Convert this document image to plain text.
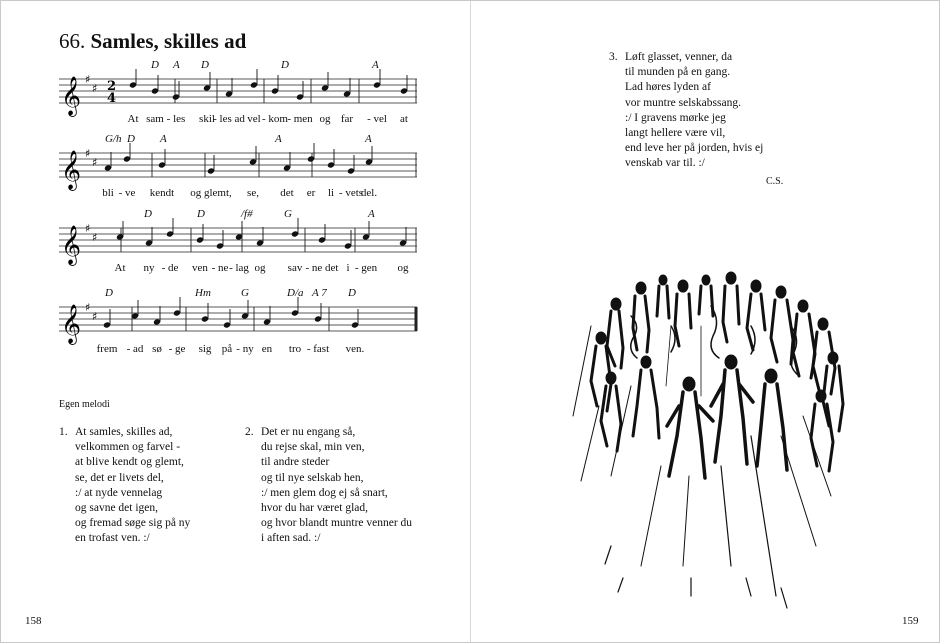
66. Samles, skilles ad
𝄞 ♯
♯ 2
4
D A D	D	A
At sam - les skil
- les ad vel - kom - men og far - vel at
𝄞 ♯
♯
G/h D A	A	A
bli - ve kendt og glemt, se, det er li - vets
del.
𝄞 ♯
♯
D	D	/f#	G	A
At ny - de ven - ne - lag og sav - ne det i - gen og
𝄞 ♯
♯
D	Hm	G	D/a A 7 D
frem - ad sø - ge sig på - ny en tro - fast ven.
Egen melodi
1. At samles, skilles ad,
velkommen og farvel -
at blive kendt og glemt,
se, det er livets del,
:/ at nyde vennelag
og savne det igen,
og fremad søge sig på ny
en trofast ven. :/
2. Det er nu engang så,
du rejse skal, min ven,
til andre steder
og til nye selskab hen,
:/ men glem dog ej så snart,
hvor du har været glad,
og hvor blandt muntre venner du
i aften sad. :/
158
3. Løft glasset, venner, da
til munden på en gang.
Lad høres lyden af
vor muntre selskabssang.
:/ I gravens mørke jeg
langt hellere være vil,
end leve her på jorden, hvis ej
venskab var til. :/
C.S.
159
